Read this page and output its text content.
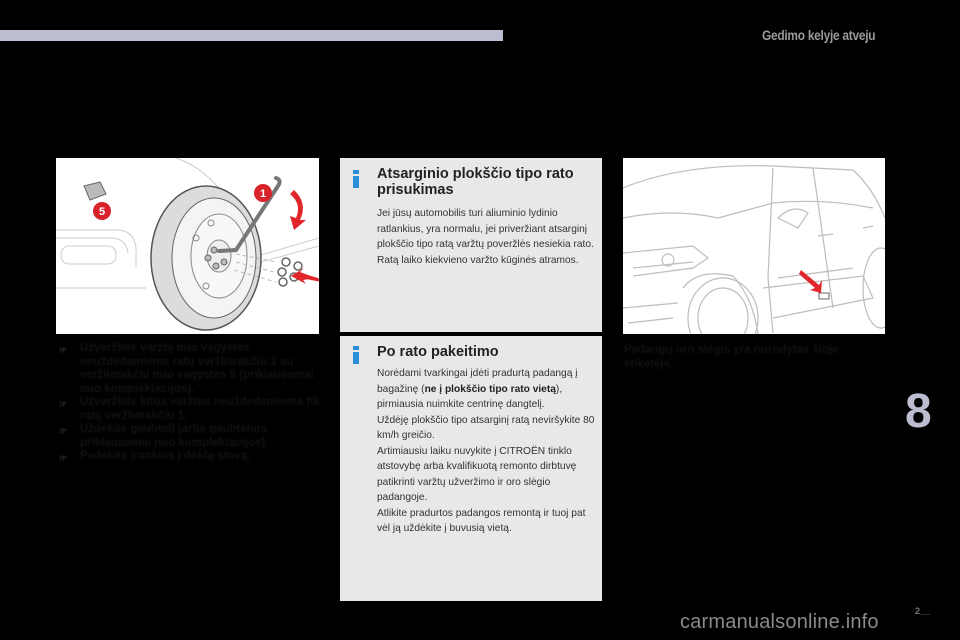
Gedimo kelyje atveju
1
5
☞ Užveržkite varžtą nuo vagystės neuždedamiems ratų veržliarakčiu 1 su veržliarakčiu nuo vagystės 5 (priklausomai nuo komplektacijos).
☞ Užveržkite kitus varžtus neuždedamiems tik ratų veržliarakčiu 1.
☞ Uždėkite gaubtelį (arba gaubtelius, priklausomai nuo komplektacijos).
☞ Padėkite įrankius į dėklą-stovą.
Atsarginio plokščio tipo rato prisukimas
Jei jūsų automobilis turi aliuminio lydinio ratlankius, yra normalu, jei priveržiant atsarginį plokščio tipo ratą varžtų poveržlės nesiekia rato. Ratą laiko kiekvieno varžto kūginės atramos.
Po rato pakeitimo
Norėdami tvarkingai įdėti pradurtą padangą į bagažinę (ne į plokščio tipo rato vietą), pirmiausia nuimkite centrinę dangtelį.
Uždėję plokščio tipo atsarginį ratą neviršykite 80 km/h greičio.
Artimiausiu laiku nuvykite į CITROËN tinklo atstovybę arba kvalifikuotą remonto dirbtuvę patikrinti varžtų užveržimo ir oro slėgio padangoje.
Atlikite pradurtos padangos remontą ir tuoj pat vėl ją uždėkite į buvusią vietą.
Padangų oro slėgis yra nurodytas šioje etiketėje.
8
2__
carmanualsonline.info
